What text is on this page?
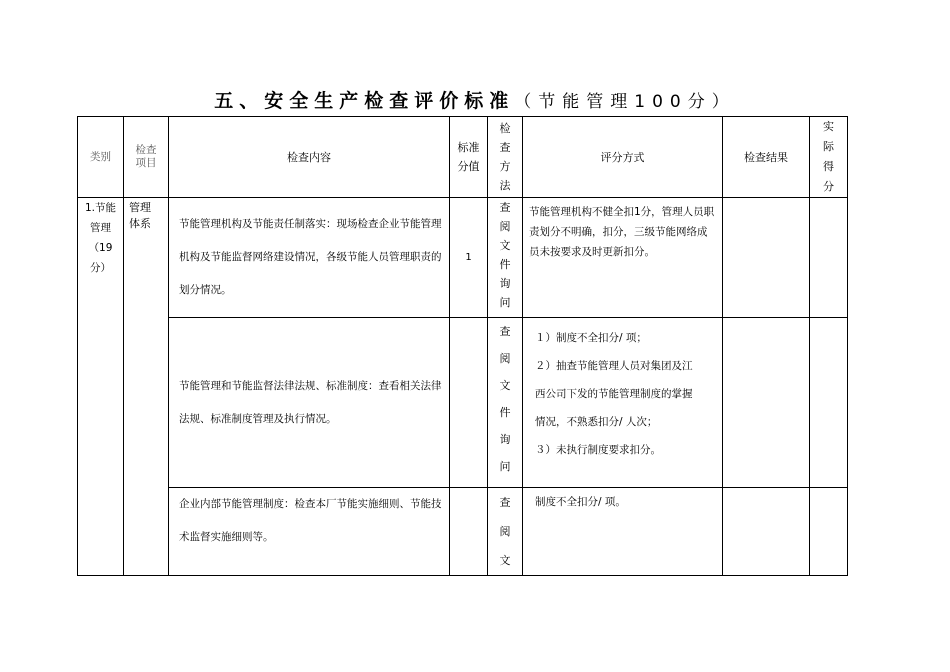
五、安全生产检查评价标准（节能管理100分）
类别	检查项目	检查内容	标准分值	检查方法	评分方式	检查结果	实际得分

1.节能管理（19分）	管理体系	节能管理机构及节能责任制落实：现场检查企业节能管理机构及节能监督网络建设情况，各级节能人员管理职责的划分情况。	1	查阅文件询问	节能管理机构不健全扣1分，管理人员职责划分不明确，扣分，三级节能网络成员未按要求及时更新扣分。		
		节能管理和节能监督法律法规、标准制度：查看相关法律法规、标准制度管理及执行情况。		查阅文件询问	１）制度不全扣分/ 项；
２）抽查节能管理人员对集团及江
西公司下发的节能管理制度的掌握
情况，不熟悉扣分/ 人次；
３）未执行制度要求扣分。		

		企业内部节能管理制度：检查本厂节能实施细则、节能技术监督实施细则等。		查阅文	制度不全扣分/ 项。		
